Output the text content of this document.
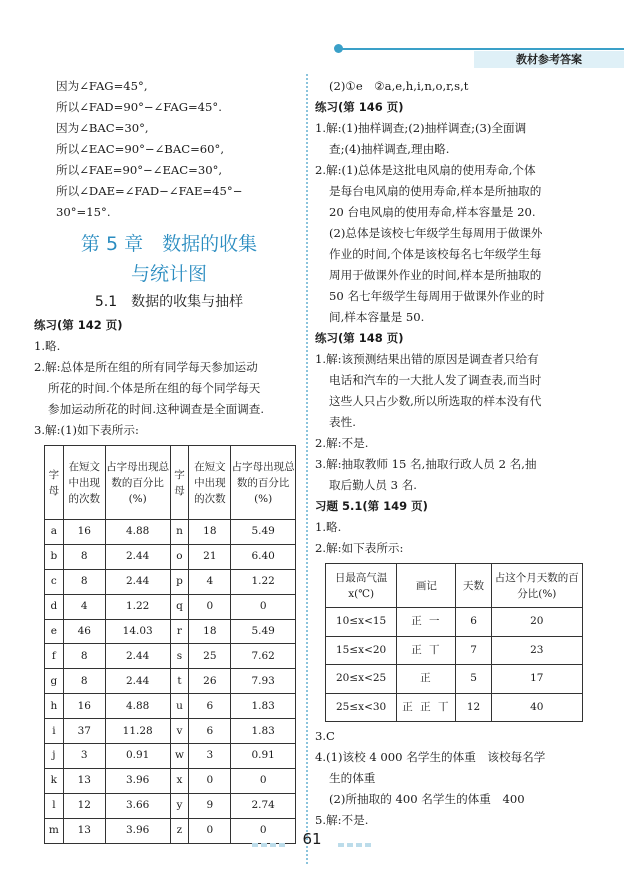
教材参考答案
因为∠FAG=45°,
所以∠FAD=90°−∠FAG=45°.
因为∠BAC=30°,
所以∠EAC=90°−∠BAC=60°,
所以∠FAE=90°−∠EAC=30°,
所以∠DAE=∠FAD−∠FAE=45°−
30°=15°.
第 5 章　数据的收集
与统计图
5.1　数据的收集与抽样
练习(第 142 页)
1.略.
2.解:总体是所在组的所有同学每天参加运动
所花的时间.个体是所在组的每个同学每天
参加运动所花的时间.这种调查是全面调查.
3.解:(1)如下表所示:
字母	在短文中出现的次数	占字母出现总数的百分比(%)	字母	在短文中出现的次数	占字母出现总数的百分比(%)
a	16	4.88	n	18	5.49
b	8	2.44	o	21	6.40
c	8	2.44	p	4	1.22
d	4	1.22	q	0	0
e	46	14.03	r	18	5.49
f	8	2.44	s	25	7.62
g	8	2.44	t	26	7.93
h	16	4.88	u	6	1.83
i	37	11.28	v	6	1.83
j	3	0.91	w	3	0.91
k	13	3.96	x	0	0
l	12	3.66	y	9	2.74
m	13	3.96	z	0	0
(2)①e　②a,e,h,i,n,o,r,s,t
练习(第 146 页)
1.解:(1)抽样调查;(2)抽样调查;(3)全面调
查;(4)抽样调查,理由略.
2.解:(1)总体是这批电风扇的使用寿命,个体
是每台电风扇的使用寿命,样本是所抽取的
20 台电风扇的使用寿命,样本容量是 20.
(2)总体是该校七年级学生每周用于做课外
作业的时间,个体是该校每名七年级学生每
周用于做课外作业的时间,样本是所抽取的
50 名七年级学生每周用于做课外作业的时
间,样本容量是 50.
练习(第 148 页)
1.解:该预测结果出错的原因是调查者只给有
电话和汽车的一大批人发了调查表,而当时
这些人只占少数,所以所选取的样本没有代
表性.
2.解:不是.
3.解:抽取教师 15 名,抽取行政人员 2 名,抽
取后勤人员 3 名.
习题 5.1(第 149 页)
1.略.
2.解:如下表所示:
日最高气温 x(℃)	画记	天数	占这个月天数的百分比(%)
10≤x<15	正 一	6	20
15≤x<20	正 丅	7	23
20≤x<25	正	5	17
25≤x<30	正 正 丅	12	40
3.C
4.(1)该校 4 000 名学生的体重　该校每名学
生的体重
(2)所抽取的 400 名学生的体重　400
5.解:不是.
61
